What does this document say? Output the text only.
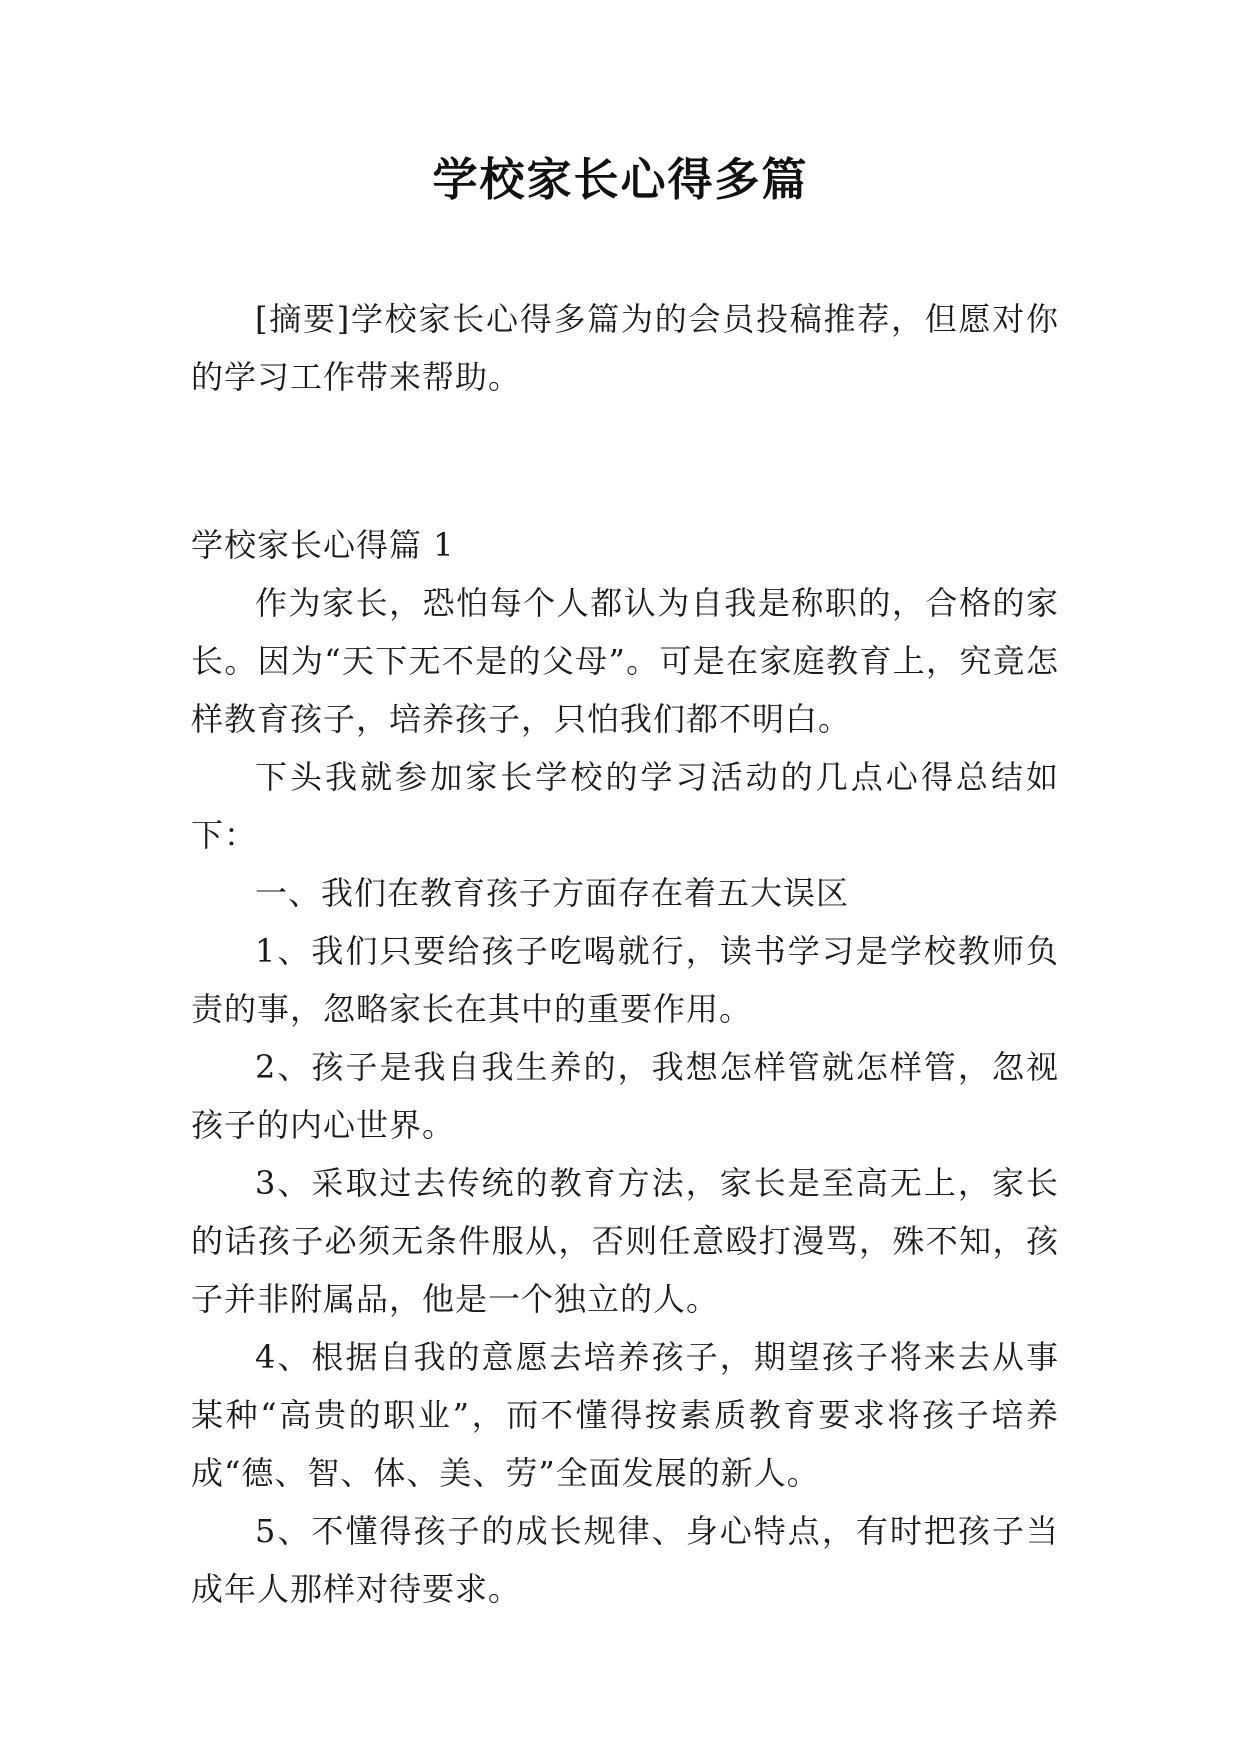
学校家长心得多篇

[摘要]学校家长心得多篇为的会员投稿推荐，但愿对你的学习工作带来帮助。

学校家长心得篇 1

作为家长，恐怕每个人都认为自我是称职的，合格的家长。因为“天下无不是的父母”。可是在家庭教育上，究竟怎样教育孩子，培养孩子，只怕我们都不明白。

下头我就参加家长学校的学习活动的几点心得总结如下：

一、我们在教育孩子方面存在着五大误区

1、我们只要给孩子吃喝就行，读书学习是学校教师负责的事，忽略家长在其中的重要作用。

2、孩子是我自我生养的，我想怎样管就怎样管，忽视孩子的内心世界。

3、采取过去传统的教育方法，家长是至高无上，家长的话孩子必须无条件服从，否则任意殴打漫骂，殊不知，孩子并非附属品，他是一个独立的人。

4、根据自我的意愿去培养孩子，期望孩子将来去从事某种“高贵的职业”，而不懂得按素质教育要求将孩子培养成“德、智、体、美、劳”全面发展的新人。

5、不懂得孩子的成长规律、身心特点，有时把孩子当成年人那样对待要求。
